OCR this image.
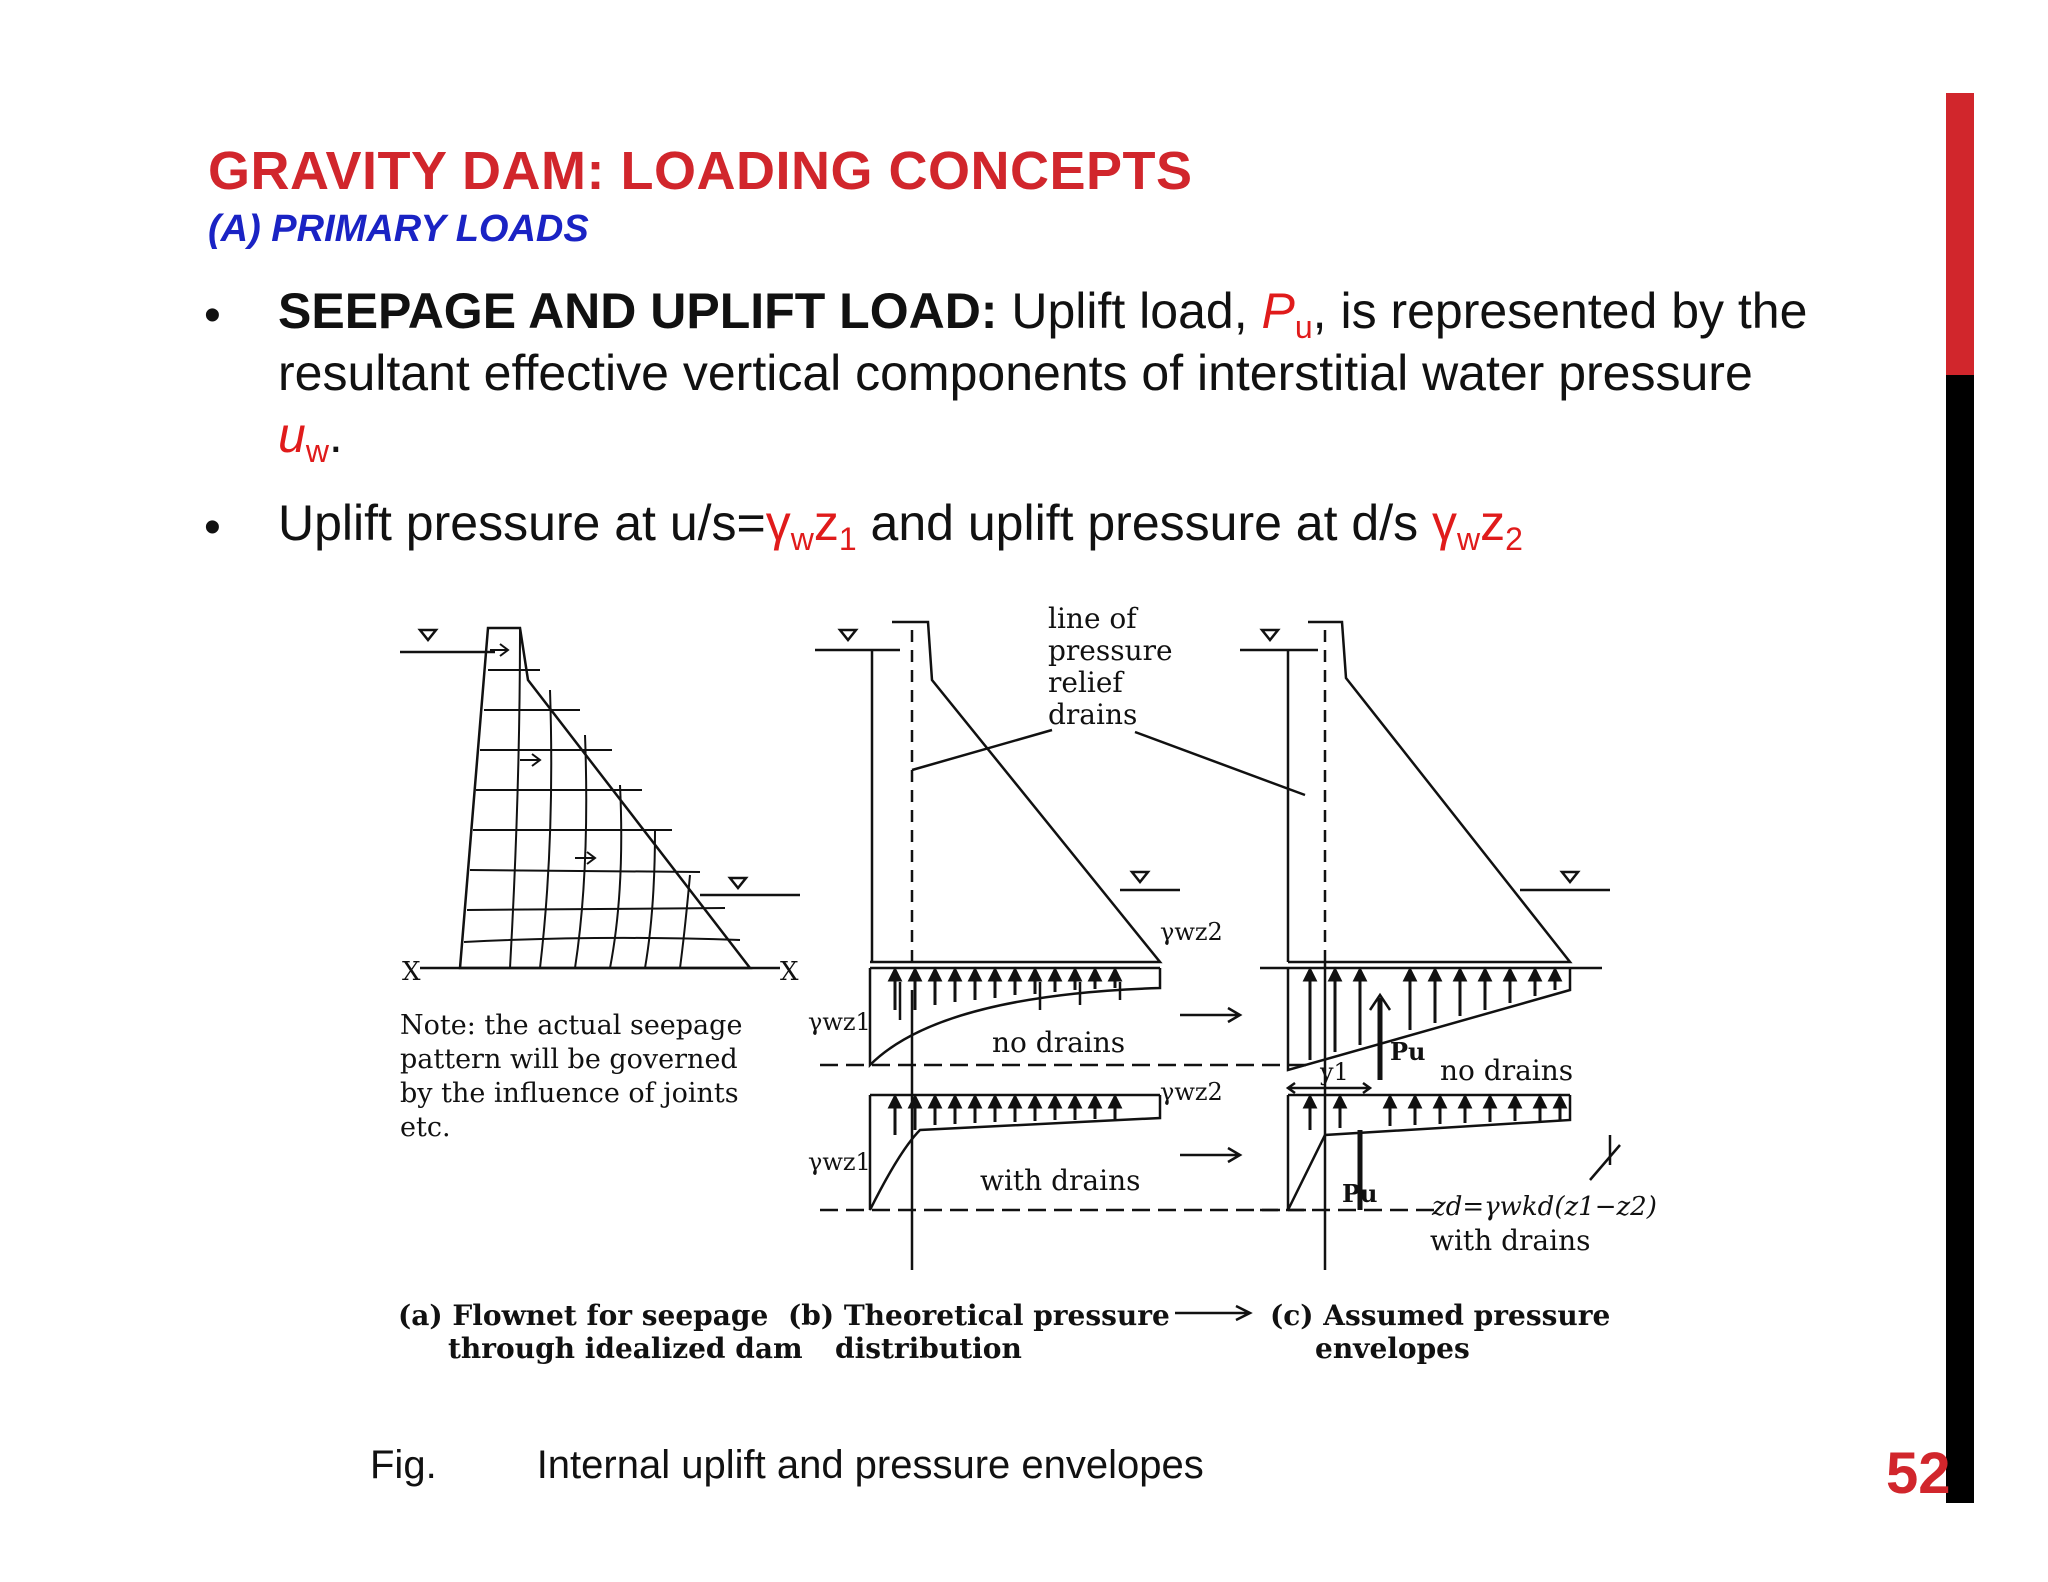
GRAVITY DAM: LOADING CONCEPTS
(A) PRIMARY LOADS
• SEEPAGE AND UPLIFT LOAD: Uplift load, $P_u$, is represented by the resultant effective vertical components of interstitial water pressure
$u_w$.
• Uplift pressure at $u/s=\gamma_wz_1$ and uplift pressure at d/s $\gamma_wz_2$
line of
pressure
relief
drains
X	X
Note: the actual seepage
pattern will be governed
by the influence of joints
etc.
γwz1
γwz1
γwz2
γwz2
no drains
with drains
y1
Pu
no drains
Pu zd=γwkd(z1−z2)
with drains
(a) Flownet for seepage
through idealized dam
(b) Theoretical pressure
distribution
(c) Assumed pressure
envelopes
Fig.	Internal uplift and pressure envelopes	52
